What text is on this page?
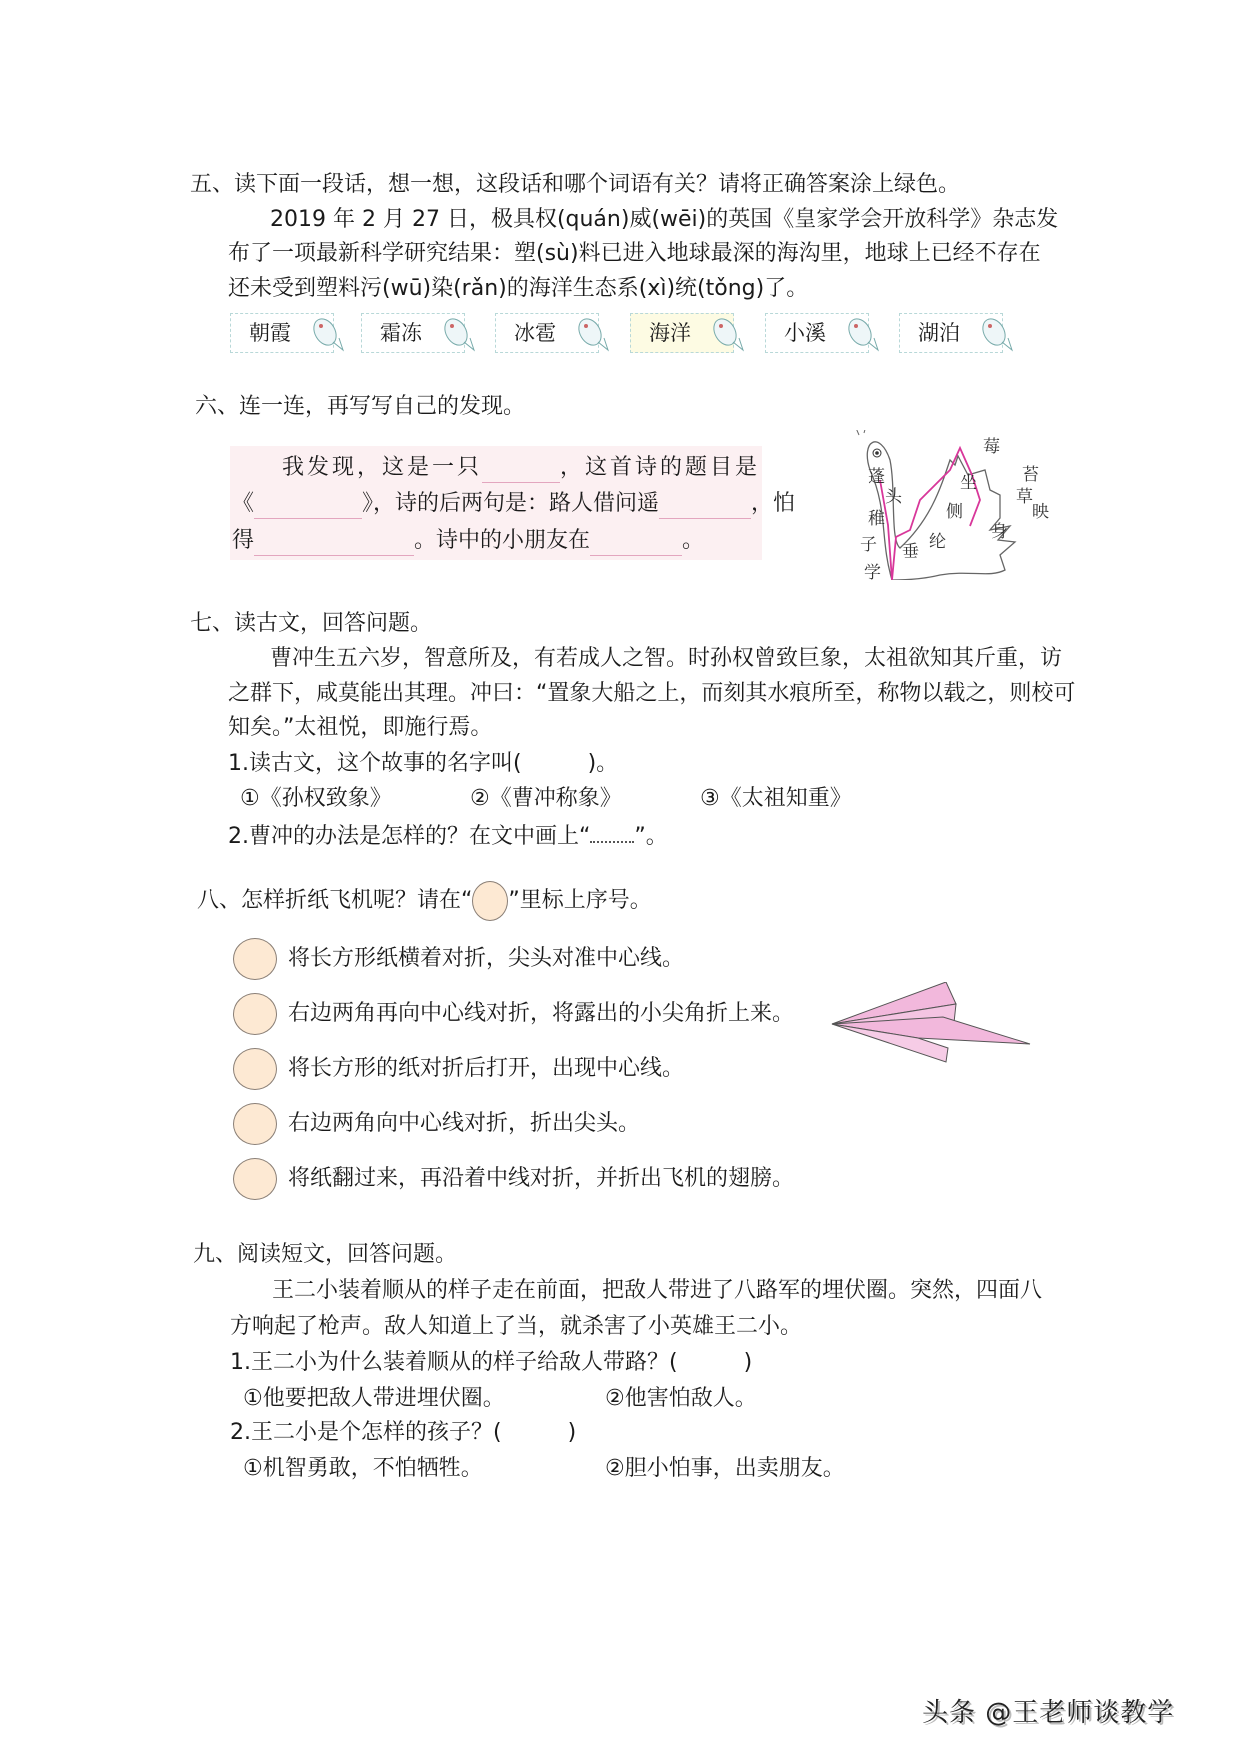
五、读下面一段话，想一想，这段话和哪个词语有关？请将正确答案涂上绿色。
2019 年 2 月 27 日，极具权(quán)威(wēi)的英国《皇家学会开放科学》杂志发
布了一项最新科学研究结果：塑(sù)料已进入地球最深的海沟里，地球上已经不存在
还未受到塑料污(wū)染(rǎn)的海洋生态系(xì)统(tǒng)了。
朝霞	霜冻	冰雹	海洋	小溪	湖泊
六、连一连，再写写自己的发现。
我发现，这是一只	，这首诗的题目是
《	》，诗的后两句是：路人借问遥	，怕
得	。诗中的小朋友在	。
莓
苔
蓬	坐
头	草
侧	映
稚
纶	身
子 垂
学
七、读古文，回答问题。
曹冲生五六岁，智意所及，有若成人之智。时孙权曾致巨象，太祖欲知其斤重，访
之群下，咸莫能出其理。冲曰：“置象大船之上，而刻其水痕所至，称物以载之，则校可
知矣。”太祖悦，即施行焉。
1.读古文，这个故事的名字叫(　　　)。
①《孙权致象》	②《曹冲称象》	③《太祖知重》
2.曹冲的办法是怎样的？在文中画上“ ”。
八、怎样折纸飞机呢？请在“ ”里标上序号。
将长方形纸横着对折，尖头对准中心线。
右边两角再向中心线对折，将露出的小尖角折上来。
将长方形的纸对折后打开，出现中心线。
右边两角向中心线对折，折出尖头。
将纸翻过来，再沿着中线对折，并折出飞机的翅膀。
九、阅读短文，回答问题。
王二小装着顺从的样子走在前面，把敌人带进了八路军的埋伏圈。突然，四面八
方响起了枪声。敌人知道上了当，就杀害了小英雄王二小。
1.王二小为什么装着顺从的样子给敌人带路？(　　　)
①他要把敌人带进埋伏圈。	②他害怕敌人。
2.王二小是个怎样的孩子？(　　　)
①机智勇敢，不怕牺牲。	②胆小怕事，出卖朋友。
头条 @王老师谈教学
